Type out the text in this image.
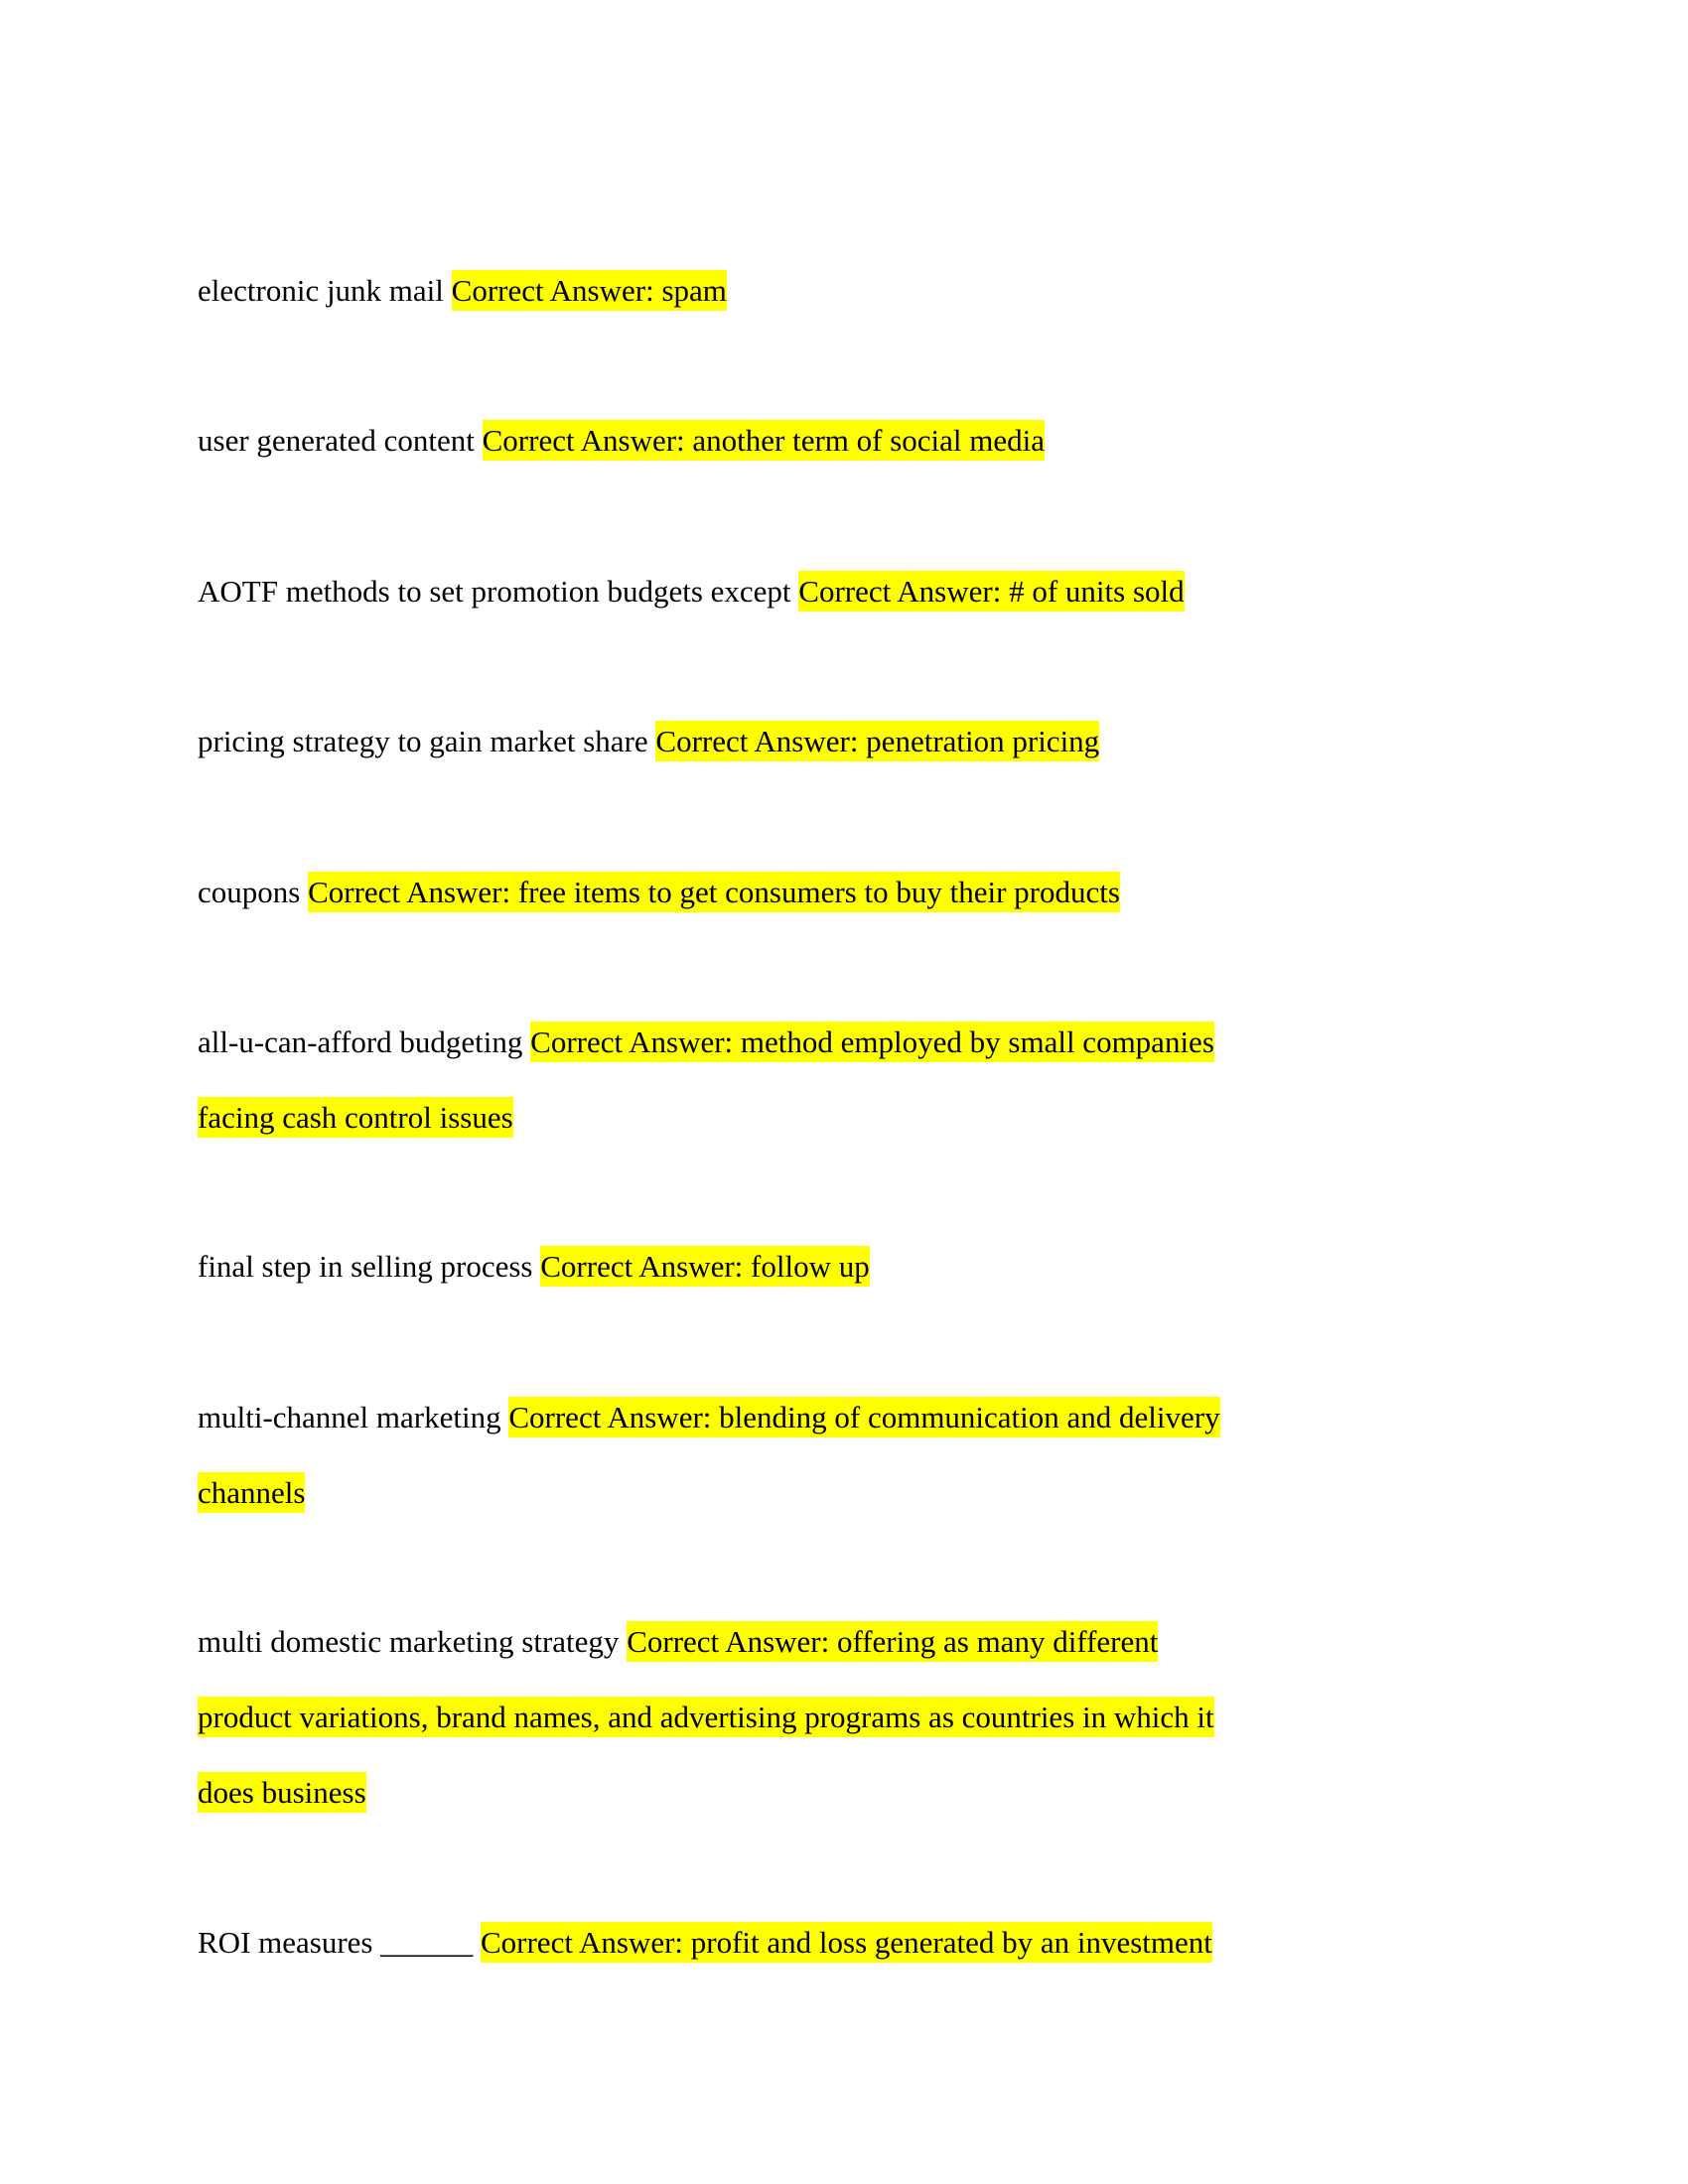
electronic junk mail Correct Answer: spam
user generated content Correct Answer: another term of social media
AOTF methods to set promotion budgets except Correct Answer: # of units sold
pricing strategy to gain market share Correct Answer: penetration pricing
coupons Correct Answer: free items to get consumers to buy their products
all-u-can-afford budgeting Correct Answer: method employed by small companies
facing cash control issues
final step in selling process Correct Answer: follow up
multi-channel marketing Correct Answer: blending of communication and delivery
channels
multi domestic marketing strategy Correct Answer: offering as many different
product variations, brand names, and advertising programs as countries in which it
does business
ROI measures ______ Correct Answer: profit and loss generated by an investment
